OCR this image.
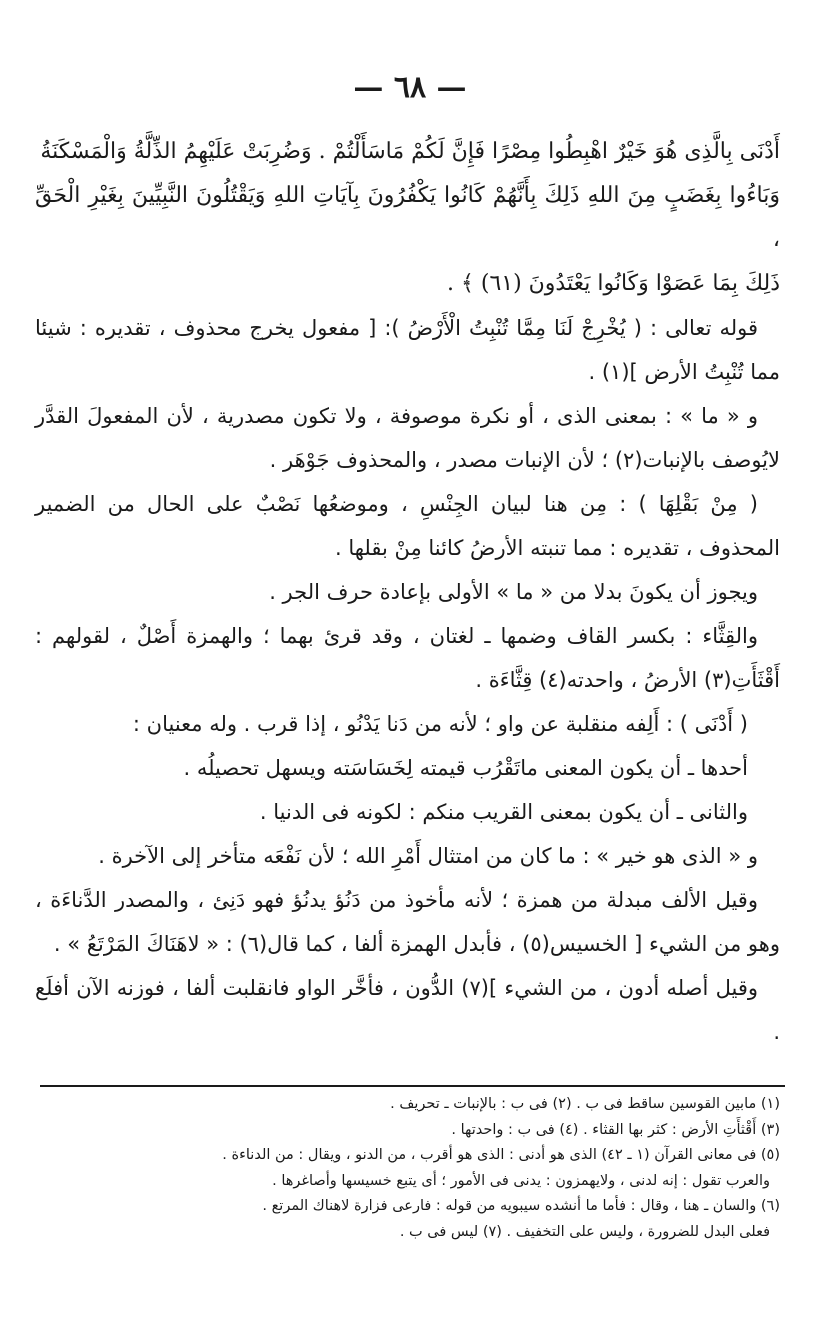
— ٦٨ —

أَدْنَى بِالَّذِى هُوَ خَيْرٌ اهْبِطُوا مِصْرًا فَإِنَّ لَكُمْ مَاسَأَلْتُمْ . وَضُرِبَتْ عَلَيْهِمُ الذِّلَّةُ وَالْمَسْكَنَةُ

وَبَاءُوا بِغَضَبٍ مِنَ اللهِ ذَلِكَ بِأَنَّهُمْ كَانُوا يَكْفُرُونَ بِآيَاتِ اللهِ وَيَقْتُلُونَ النَّبِيِّينَ بِغَيْرِ الْحَقِّ ،

ذَلِكَ بِمَا عَصَوْا وَكَانُوا يَعْتَدُونَ (٦١) ﴾ .

قوله تعالى : ( يُخْرِجْ لَنَا مِمَّا تُنْبِتُ الْأَرْضُ ): [ مفعول يخرج محذوف ، تقديره : شيئا مما تُنْبِتُ الأرض ](١) .

و « ما » : بمعنى الذى ، أو نكرة موصوفة ، ولا تكون مصدرية ، لأن المفعولَ القدَّر لايُوصف بالإنبات(٢) ؛ لأن الإنبات مصدر ، والمحذوف جَوْهَر .

( مِنْ بَقْلِهَا ) : مِن هنا لبيان الجِنْسِ ، وموضعُها نَصْبٌ على الحال من الضمير المحذوف ، تقديره : مما تنبته الأرضُ كائنا مِنْ بقلها .

ويجوز أن يكونَ بدلا من « ما » الأولى بإعادة حرف الجر .

والقِثَّاء : بكسر القاف وضمها ـ لغتان ، وقد قرئ بهما ؛ والهمزة أَصْلٌ ، لقولهم : أَقْثَأَتِ(٣) الأرضُ ، واحدته(٤) قِثَّاءَة .

( أَدْنَى ) : أَلِفه منقلبة عن واو ؛ لأنه من دَنا يَدْنُو ، إذا قرب . وله معنيان :

أحدها ـ أن يكون المعنى ماتَقْرُب قيمته لِخَسَاسَته ويسهل تحصيلُه .

والثانى ـ أن يكون بمعنى القريب منكم : لكونه فى الدنيا .

و « الذى هو خير » : ما كان من امتثال أَمْرِ الله ؛ لأن نَفْعَه متأخر إلى الآخرة .

وقيل الألف مبدلة من همزة ؛ لأنه مأخوذ من دَنُؤ يدنُؤ فهو دَنِئ ، والمصدر الدَّناءَة ، وهو من الشيء [ الخسيس(٥) ، فأبدل الهمزة ألفا ، كما قال(٦) : « لاهَنَاكَ المَرْتَعُ » .

وقيل أصله أدون ، من الشيء ](٧) الدُّون ، فأخَّر الواو فانقلبت ألفا ، فوزنه الآن أفلَع .

(١) مابين القوسين ساقط فى ب . (٢) فى ب : بالإنبات ـ تحريف .

(٣) أَقْثأَتِ الأرض : كثر بها القثاء . (٤) فى ب : واحدتها .

(٥) فى معانى القرآن (١ ـ ٤٢) الذى هو أدنى : الذى هو أقرب ، من الدنو ، ويقال : من الدناءة .

والعرب تقول : إنه لدنى ، ولايهمزون : يدنى فى الأمور ؛ أى يتبع خسيسها وأصاغرها .

(٦) والسان ـ هنا ، وقال : فأما ما أنشده سيبويه من قوله : فارعى فزارة لاهناك المرتع .

فعلى البدل للضرورة ، وليس على التخفيف . (٧) ليس فى ب .
